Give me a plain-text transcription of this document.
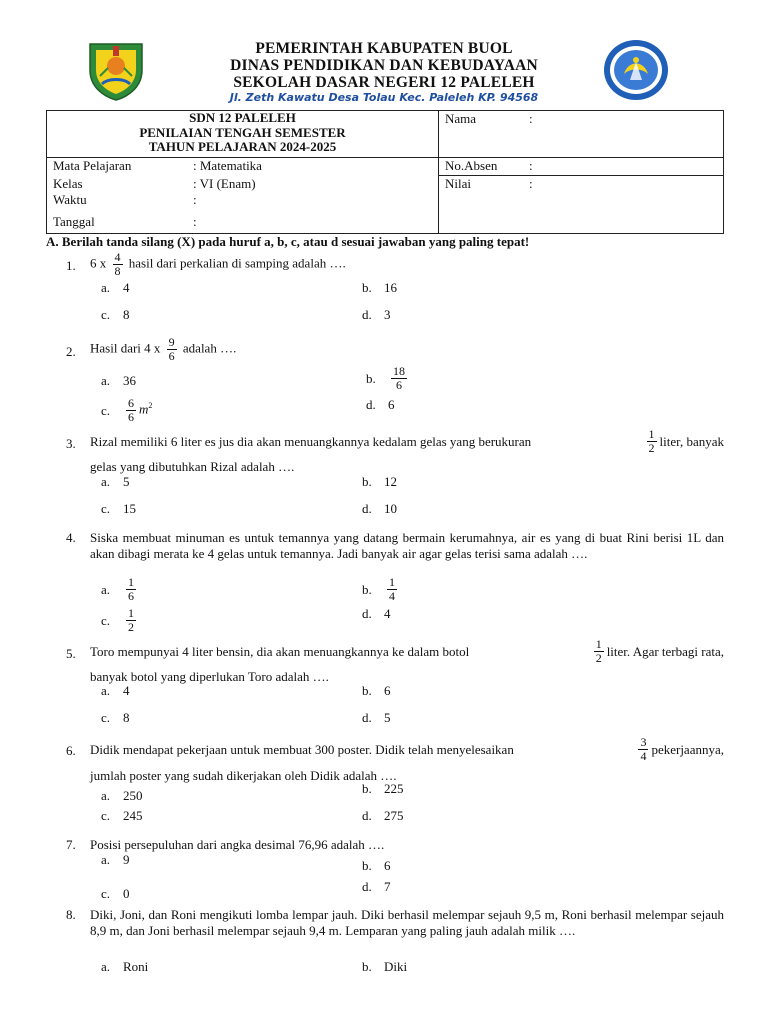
PEMERINTAH KABUPATEN BUOL
DINAS PENDIDIKAN DAN KEBUDAYAAN
SEKOLAH DASAR NEGERI 12 PALELEH
Jl. Zeth Kawatu Desa Tolau Kec. Paleleh KP. 94568
SDN 12 PALELEH
PENILAIAN TENGAH SEMESTER
TAHUN PELAJARAN 2024-2025	Nama :

Mata Pelajaran : Matematika	No.Absen :

Kelas : VI (Enam)
Waktu :
Tanggal :	Nilai :
A. Berilah tanda silang (X) pada huruf a, b, c, atau d sesuai jawaban yang paling tepat!
1. 6 x $\frac{4}{8}$ hasil dari perkalian di samping adalah ….
a. 4	b. 16
c. 8	d. 3
2. Hasil dari 4 x $\frac{9}{6}$ adalah ….
a. 36	b. $\frac{18}{6}$
c. $\frac{6}{6} m^2$	d. 6
3. Rizal memiliki 6 liter es jus dia akan menuangkannya kedalam gelas yang berukuran	$\frac{1}{2}$ liter, banyak
gelas yang dibutuhkan Rizal adalah ….
a. 5	b. 12
c. 15	d. 10
4. Siska membuat minuman es untuk temannya yang datang bermain kerumahnya, air es yang di buat Rini berisi 1L dan akan dibagi merata ke 4 gelas untuk temannya. Jadi banyak air agar gelas terisi sama adalah ….
a. $\frac{1}{6}$	b. $\frac{1}{4}$
c. $\frac{1}{2}$	d. 4
5. Toro mempunyai 4 liter bensin, dia akan menuangkannya ke dalam botol	$\frac{1}{2}$ liter. Agar terbagi rata,
banyak botol yang diperlukan Toro adalah ….
a. 4	b. 6
c. 8	d. 5
6. Didik mendapat pekerjaan untuk membuat 300 poster. Didik telah menyelesaikan	$\frac{3}{4}$ pekerjaannya,
jumlah poster yang sudah dikerjakan oleh Didik adalah ….
a. 250	b. 225
c. 245	d. 275
7. Posisi persepuluhan dari angka desimal 76,96 adalah ….
a. 9	b. 6
c. 0	d. 7
8. Diki, Joni, dan Roni mengikuti lomba lempar jauh. Diki berhasil melempar sejauh 9,5 m, Roni berhasil melempar sejauh 8,9 m, dan Joni berhasil melempar sejauh 9,4 m. Lemparan yang paling jauh adalah milik ….
a. Roni	b. Diki
